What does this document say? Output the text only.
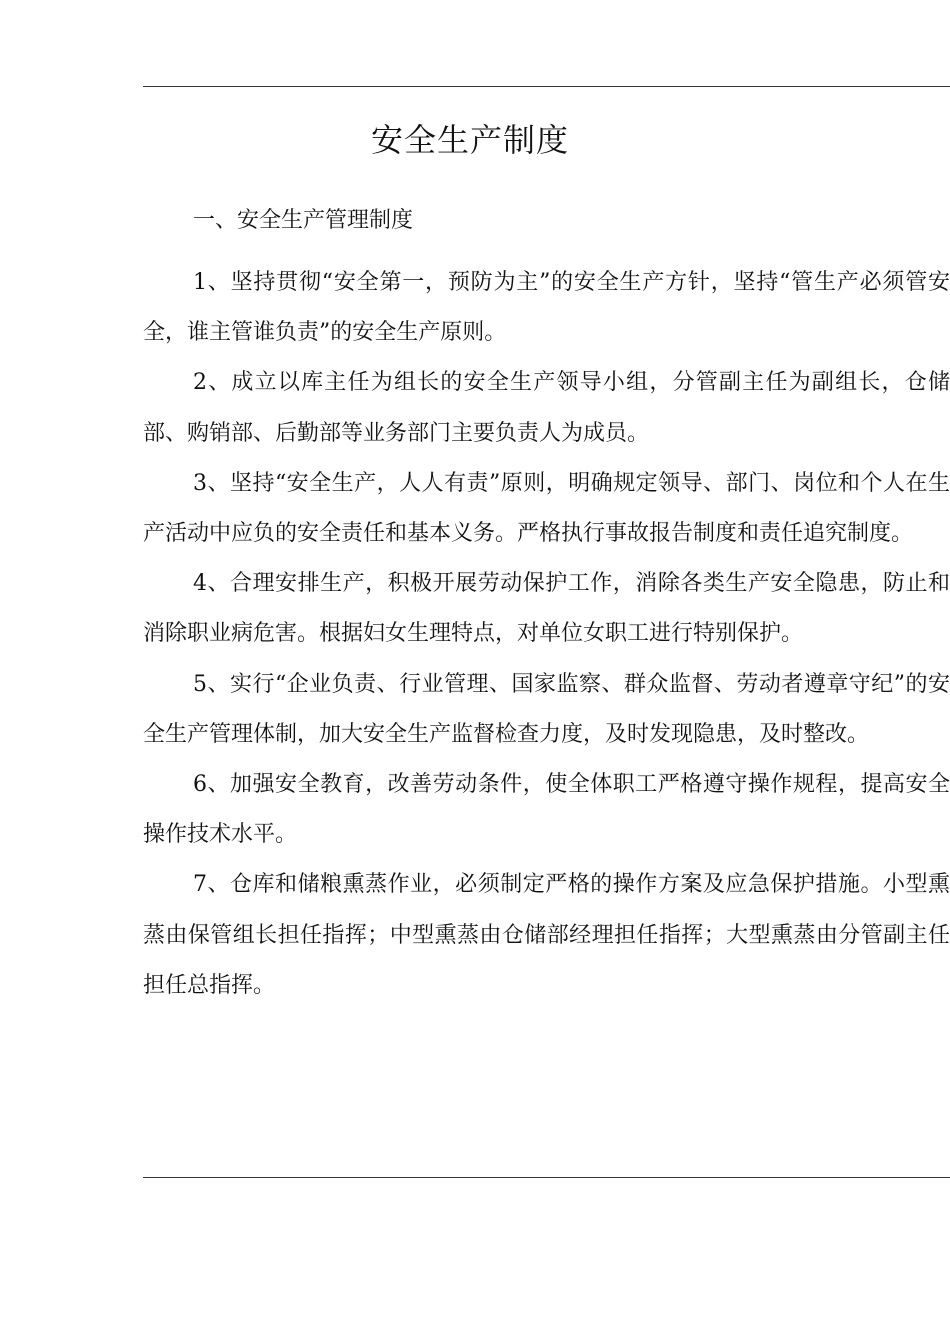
安全生产制度
一、安全生产管理制度

1、坚持贯彻“安全第一，预防为主”的安全生产方针，坚持“管生产必须管安全，谁主管谁负责”的安全生产原则。

2、成立以库主任为组长的安全生产领导小组，分管副主任为副组长，仓储部、购销部、后勤部等业务部门主要负责人为成员。

3、坚持“安全生产，人人有责”原则，明确规定领导、部门、岗位和个人在生产活动中应负的安全责任和基本义务。严格执行事故报告制度和责任追究制度。

4、合理安排生产，积极开展劳动保护工作，消除各类生产安全隐患，防止和消除职业病危害。根据妇女生理特点，对单位女职工进行特别保护。

5、实行“企业负责、行业管理、国家监察、群众监督、劳动者遵章守纪”的安全生产管理体制，加大安全生产监督检查力度，及时发现隐患，及时整改。

6、加强安全教育，改善劳动条件，使全体职工严格遵守操作规程，提高安全操作技术水平。

7、仓库和储粮熏蒸作业，必须制定严格的操作方案及应急保护措施。小型熏蒸由保管组长担任指挥；中型熏蒸由仓储部经理担任指挥；大型熏蒸由分管副主任担任总指挥。
